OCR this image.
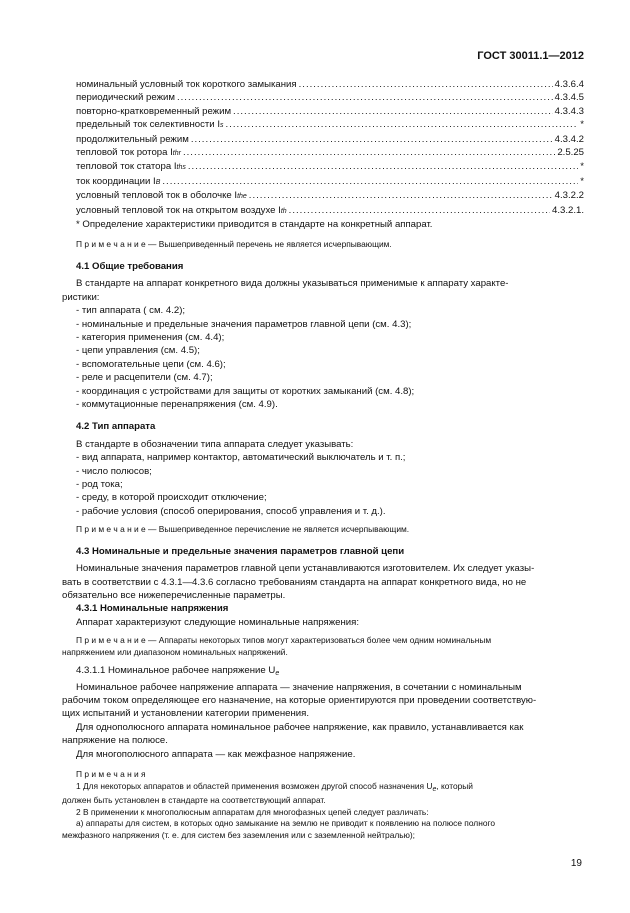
ГОСТ 30011.1—2012
номинальный условный ток короткого замыкания .....	4.3.6.4
периодический режим .....	4.3.4.5
повторно-кратковременный режим .....	4.3.4.3
предельный ток селективности I s .....	*
продолжительный режим .....	4.3.4.2
тепловой ток ротора I thr .....	2.5.25
тепловой ток статора I ths .....	*
ток координации I B .....	*
условный тепловой ток в оболочке I the .....	4.3.2.2
условный тепловой ток на открытом воздухе I th .....	4.3.2.1.
* Определение характеристики приводится в стандарте на конкретный аппарат.
П р и м е ч а н и е — Вышеприведенный перечень не является исчерпывающим.
4.1 Общие требования
В стандарте на аппарат конкретного вида должны указываться применимые к аппарату характе-
ристики:
- тип аппарата ( см. 4.2);
- номинальные и предельные значения параметров главной цепи (см. 4.3);
- категория применения (см. 4.4);
- цепи управления (см. 4.5);
- вспомогательные цепи (см. 4.6);
- реле и расцепители (см. 4.7);
- координация с устройствами для защиты от коротких замыканий (см. 4.8);
- коммутационные перенапряжения (см. 4.9).
4.2 Тип аппарата
В стандарте в обозначении типа аппарата следует указывать:
- вид аппарата, например контактор, автоматический выключатель и т. п.;
- число полюсов;
- род тока;
- среду, в которой происходит отключение;
- рабочие условия (способ оперирования, способ управления и т. д.).
П р и м е ч а н и е — Вышеприведенное перечисление не является исчерпывающим.
4.3 Номинальные и предельные значения параметров главной цепи
Номинальные значения параметров главной цепи устанавливаются изготовителем. Их следует указы-
вать в соответствии с 4.3.1—4.3.6 согласно требованиям стандарта на аппарат конкретного вида, но не
обязательно все нижеперечисленные параметры.
4.3.1 Номинальные напряжения
Аппарат характеризуют следующие номинальные напряжения:
П р и м е ч а н и е — Аппараты некоторых типов могут характеризоваться более чем одним номинальным
напряжением или диапазоном номинальных напряжений.
4.3.1.1 Номинальное рабочее напряжение $U_e$
Номинальное рабочее напряжение аппарата — значение напряжения, в сочетании с номинальным
рабочим током определяющее его назначение, на которые ориентируются при проведении соответствую-
щих испытаний и установлении категории применения.
Для однополюсного аппарата номинальное рабочее напряжение, как правило, устанавливается как
напряжение на полюсе.
Для многополюсного аппарата — как межфазное напряжение.
П р и м е ч а н и я
1 Для некоторых аппаратов и областей применения возможен другой способ назначения $U_e$, который
должен быть установлен в стандарте на соответствующий аппарат.
2 В применении к многополюсным аппаратам для многофазных цепей следует различать:
а) аппараты для систем, в которых одно замыкание на землю не приводит к появлению на полюсе полного
межфазного напряжения (т. е. для систем без заземления или с заземленной нейтралью);
19
